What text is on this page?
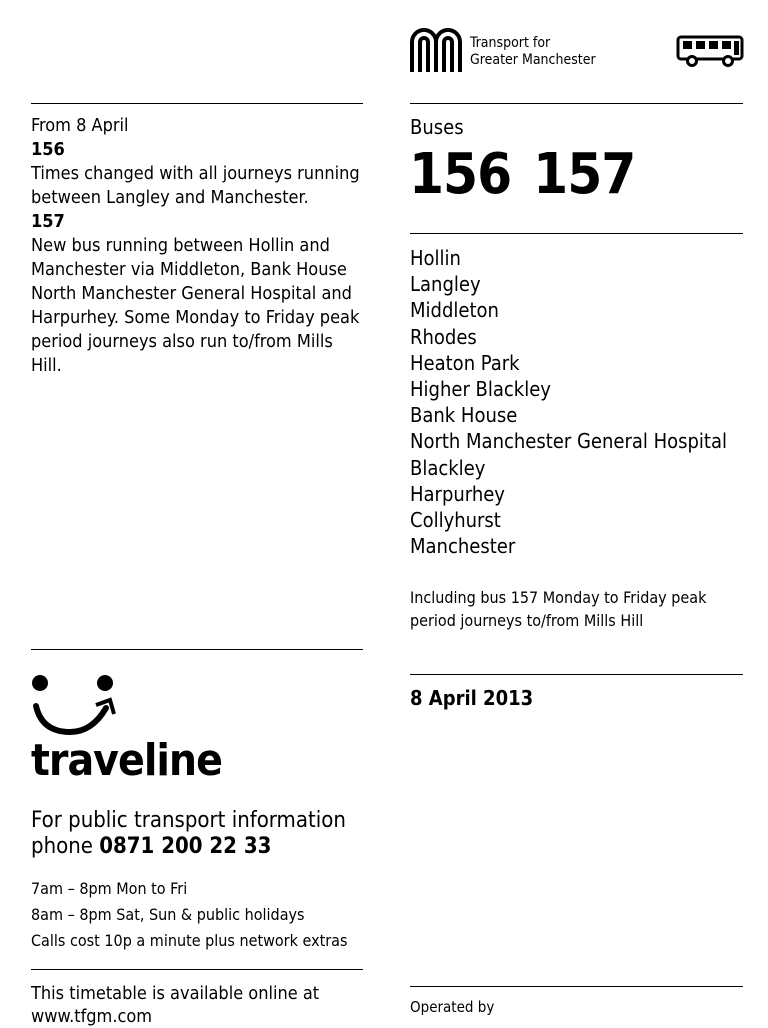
Transport for
Greater Manchester
From 8 April
156
Times changed with all journeys running between Langley and Manchester.
157
New bus running between Hollin and Manchester via Middleton, Bank House North Manchester General Hospital and Harpurhey. Some Monday to Friday peak period journeys also run to/from Mills Hill.
Buses
156 157
Hollin
Langley
Middleton
Rhodes
Heaton Park
Higher Blackley
Bank House
North Manchester General Hospital
Blackley
Harpurhey
Collyhurst
Manchester
Including bus 157 Monday to Friday peak period journeys to/from Mills Hill
8 April 2013
Operated by
traveline
For public transport information
phone 0871 200 22 33
7am – 8pm Mon to Fri
8am – 8pm Sat, Sun & public holidays
Calls cost 10p a minute plus network extras
This timetable is available online at
www.tfgm.com
